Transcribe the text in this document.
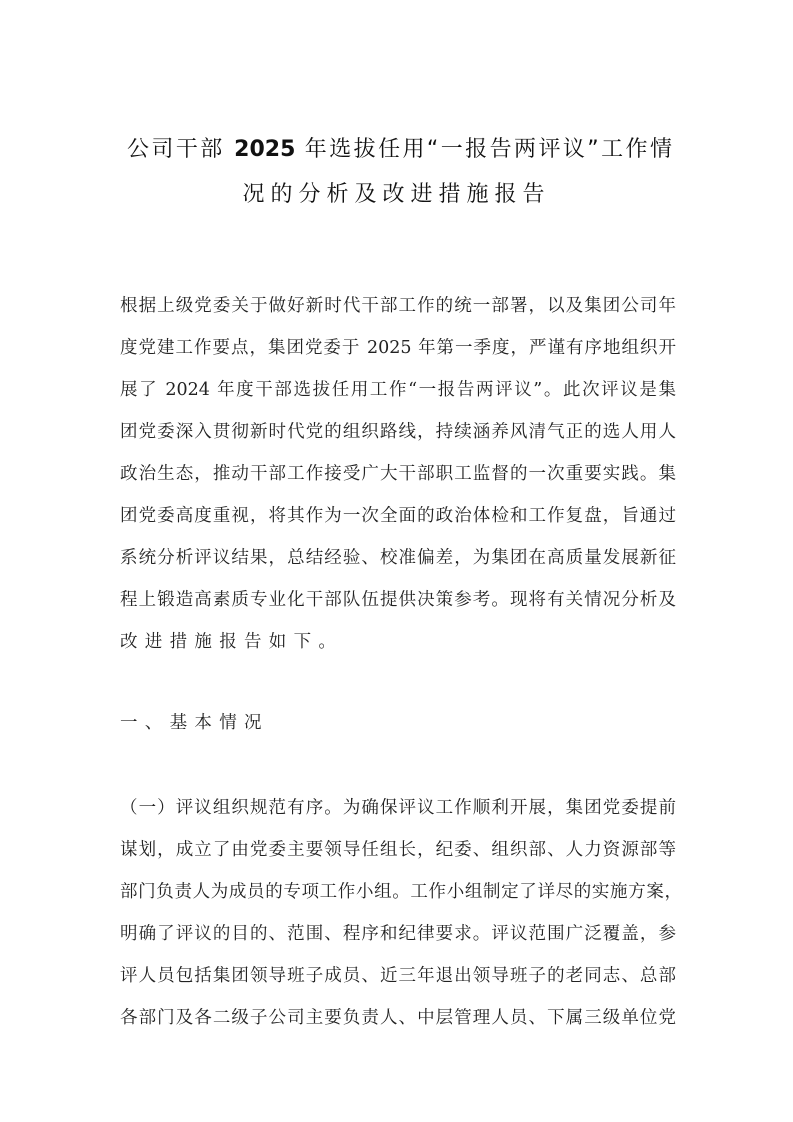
公司干部 2025 年选拔任用“一报告两评议”工作情
况的分析及改进措施报告
根据上级党委关于做好新时代干部工作的统一部署，以及集团公司年
度党建工作要点，集团党委于 2025 年第一季度，严谨有序地组织开
展了 2024 年度干部选拔任用工作“一报告两评议”。此次评议是集
团党委深入贯彻新时代党的组织路线，持续涵养风清气正的选人用人
政治生态，推动干部工作接受广大干部职工监督的一次重要实践。集
团党委高度重视，将其作为一次全面的政治体检和工作复盘，旨通过
系统分析评议结果，总结经验、校准偏差，为集团在高质量发展新征
程上锻造高素质专业化干部队伍提供决策参考。现将有关情况分析及
改进措施报告如下。
一、基本情况
（一）评议组织规范有序。为确保评议工作顺利开展，集团党委提前
谋划，成立了由党委主要领导任组长，纪委、组织部、人力资源部等
部门负责人为成员的专项工作小组。工作小组制定了详尽的实施方案，
明确了评议的目的、范围、程序和纪律要求。评议范围广泛覆盖，参
评人员包括集团领导班子成员、近三年退出领导班子的老同志、总部
各部门及各二级子公司主要负责人、中层管理人员、下属三级单位党
